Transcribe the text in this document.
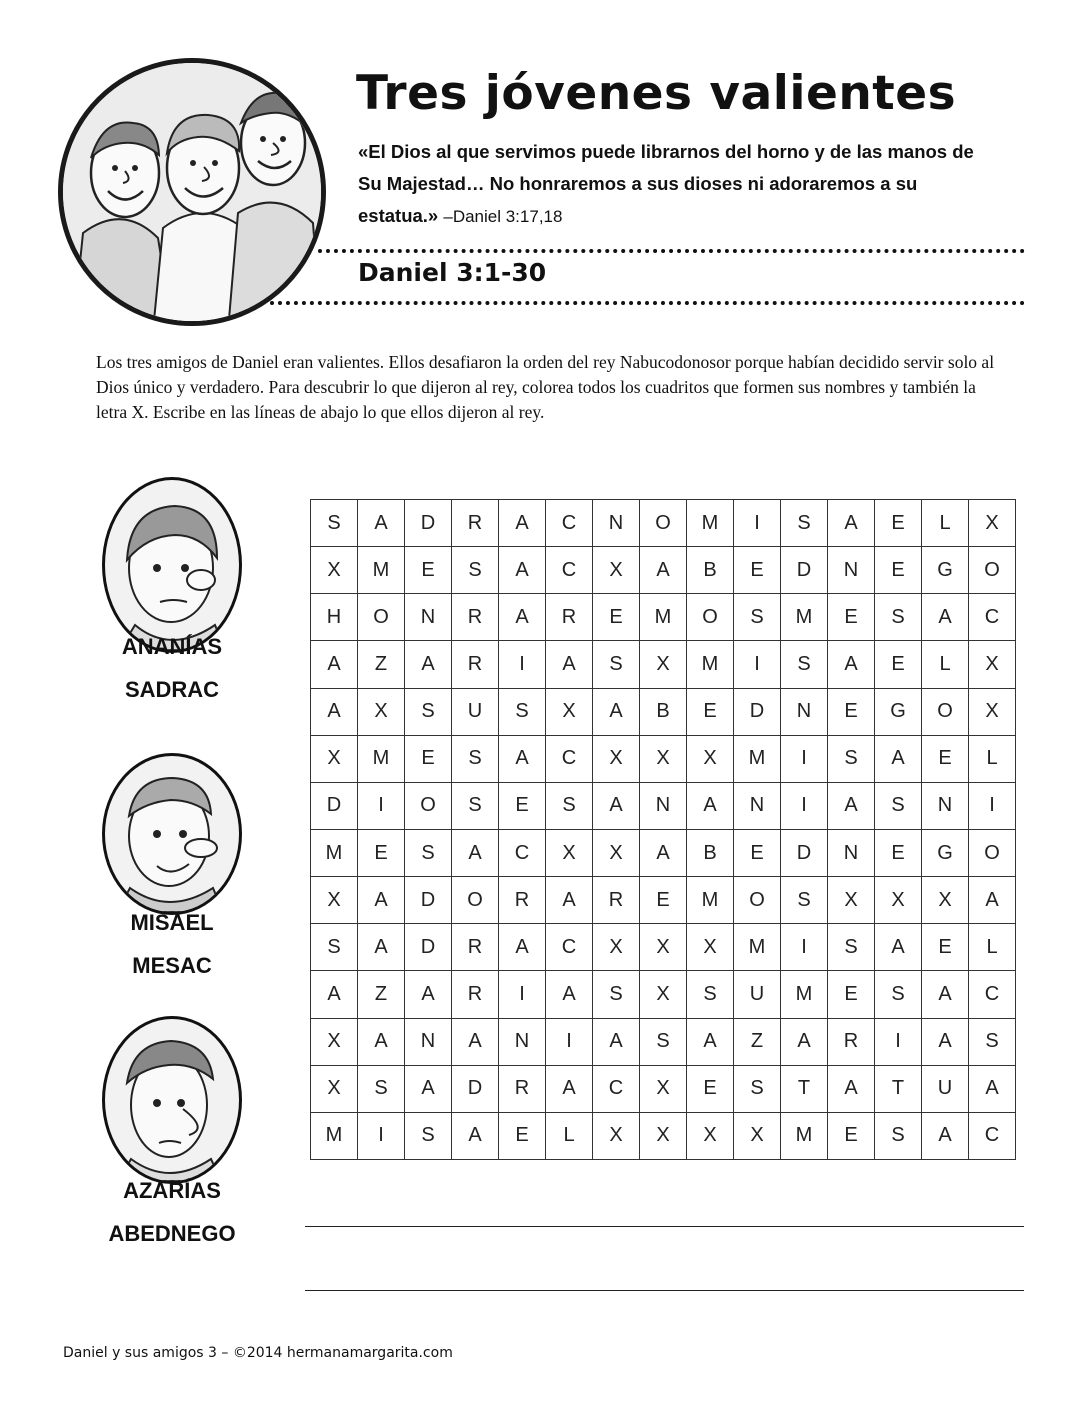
Tres jóvenes valientes
«El Dios al que servimos puede librarnos del horno y de las manos de Su Majestad… No honraremos a sus dioses ni adoraremos a su estatua.» –Daniel 3:17,18
Daniel 3:1-30

Los tres amigos de Daniel eran valientes. Ellos desafiaron la orden del rey Nabucodonosor porque habían decidido servir solo al Dios único y verdadero. Para descubrir lo que dijeron al rey, colorea todos los cuadritos que formen sus nombres y también la letra X. Escribe en las líneas de abajo lo que ellos dijeron al rey.

ANANÍAS
SADRAC
MISAEL
MESAC
AZARÍAS
ABEDNEGO
S	A	D	R	A	C	N	O	M	I	S	A	E	L	X
X	M	E	S	A	C	X	A	B	E	D	N	E	G	O
H	O	N	R	A	R	E	M	O	S	M	E	S	A	C
A	Z	A	R	I	A	S	X	M	I	S	A	E	L	X
A	X	S	U	S	X	A	B	E	D	N	E	G	O	X
X	M	E	S	A	C	X	X	X	M	I	S	A	E	L
D	I	O	S	E	S	A	N	A	N	I	A	S	N	I
M	E	S	A	C	X	X	A	B	E	D	N	E	G	O
X	A	D	O	R	A	R	E	M	O	S	X	X	X	A
S	A	D	R	A	C	X	X	X	M	I	S	A	E	L
A	Z	A	R	I	A	S	X	S	U	M	E	S	A	C
X	A	N	A	N	I	A	S	A	Z	A	R	I	A	S
X	S	A	D	R	A	C	X	E	S	T	A	T	U	A
M	I	S	A	E	L	X	X	X	X	M	E	S	A	C
Daniel y sus amigos 3 – ©2014 hermanamargarita.com
